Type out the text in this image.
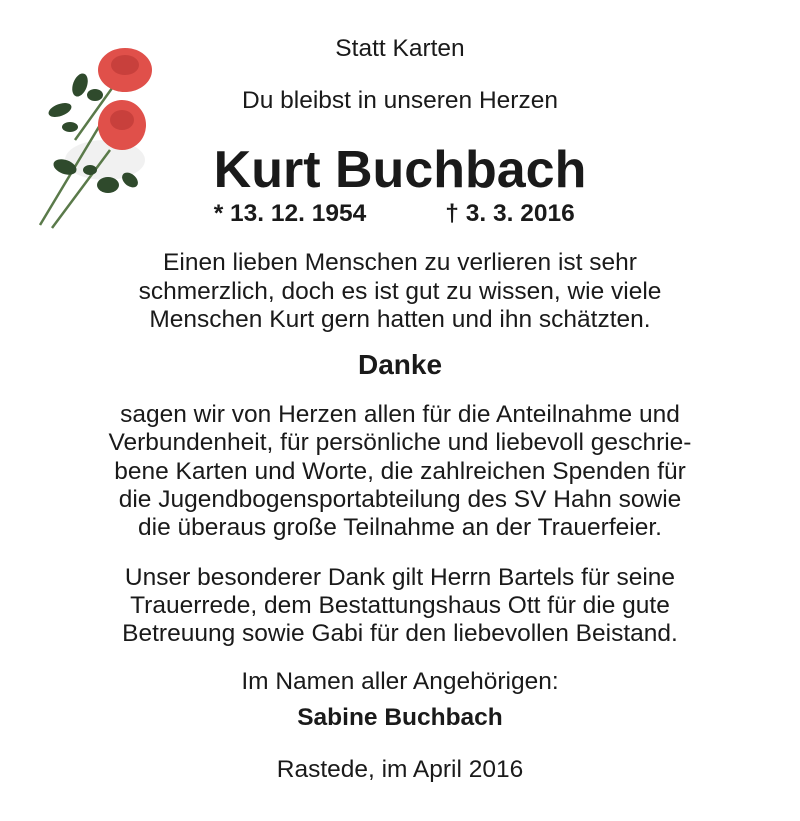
Statt Karten
Du bleibst in unseren Herzen
Kurt Buchbach
* 13. 12. 1954	† 3. 3. 2016
Einen lieben Menschen zu verlieren ist sehr
schmerzlich, doch es ist gut zu wissen, wie viele
Menschen Kurt gern hatten und ihn schätzten.
Danke
sagen wir von Herzen allen für die Anteilnahme und
Verbundenheit, für persönliche und liebevoll geschrie-
bene Karten und Worte, die zahlreichen Spenden für
die Jugendbogensportabteilung des SV Hahn sowie
die überaus große Teilnahme an der Trauerfeier.
Unser besonderer Dank gilt Herrn Bartels für seine
Trauerrede, dem Bestattungshaus Ott für die gute
Betreuung sowie Gabi für den liebevollen Beistand.
Im Namen aller Angehörigen:
Sabine Buchbach
Rastede, im April 2016
